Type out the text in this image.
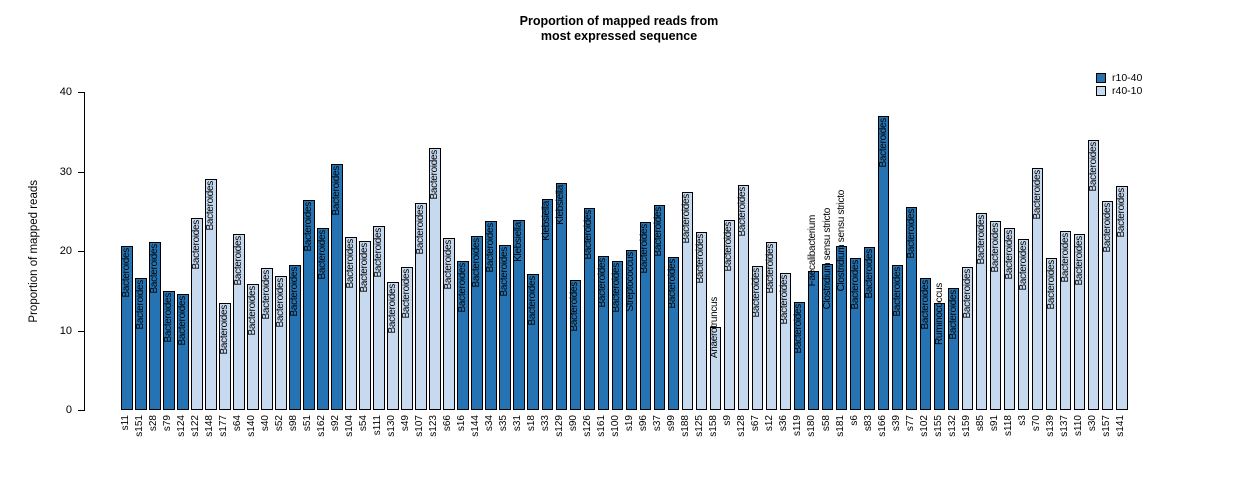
Proportion of mapped reads from
most expressed sequence
Proportion of mapped reads
0
10
20
30
40
Bacteroides
s11
Bacteroides
s151
Bacteroides
s28
Bacteroides
s79
Bacteroides
s124
Bacteroides
s122
Bacteroides
s148
Bacteroides
s177
Bacteroides
s64
Bacteroides
s140
Bacteroides
s40
Bacteroides
s52
Bacteroides
s98
Bacteroides
s51
Bacteroides
s162
Bacteroides
s92
Bacteroides
s104
Bacteroides
s54
Bacteroides
s111
Bacteroides
s130
Bacteroides
s49
Bacteroides
s107
Bacteroides
s123
Bacteroides
s66
Bacteroides
s16
Bacteroides
s144
Bacteroides
s34
Bacteroides
s35
Klebsiella
s31
Bacteroides
s18
Klebsiella
s33
Klebsiella
s129
Bacteroides
s90
Bacteroides
s126
Bacteroides
s161
Bacteroides
s100
Streptococcus
s19
Bacteroides
s96
Bacteroides
s37
Bacteroides
s99
Bacteroides
s188
Bacteroides
s125
Anaerotruncus
s158
Bacteroides
s9
Bacteroides
s128
Bacteroides
s67
Bacteroides
s12
Bacteroides
s36
Bacteroides
s119
Faecalibacterium
s180
Clostridium sensu stricto
s58
Clostridium sensu stricto
s181
Bacteroides
s6
Bacteroides
s83
Bacteroides
s166
Bacteroides
s39
Bacteroides
s77
Bacteroides
s102
Ruminococcus
s155
Bacteroides
s132
Bacteroides
s159
Bacteroides
s85
Bacteroides
s91
Bacteroides
s118
Bacteroides
s3
Bacteroides
s70
Bacteroides
s139
Bacteroides
s137
Bacteroides
s110
Bacteroides
s30
Bacteroides
s157
Bacteroides
s141
r10-40
r40-10
